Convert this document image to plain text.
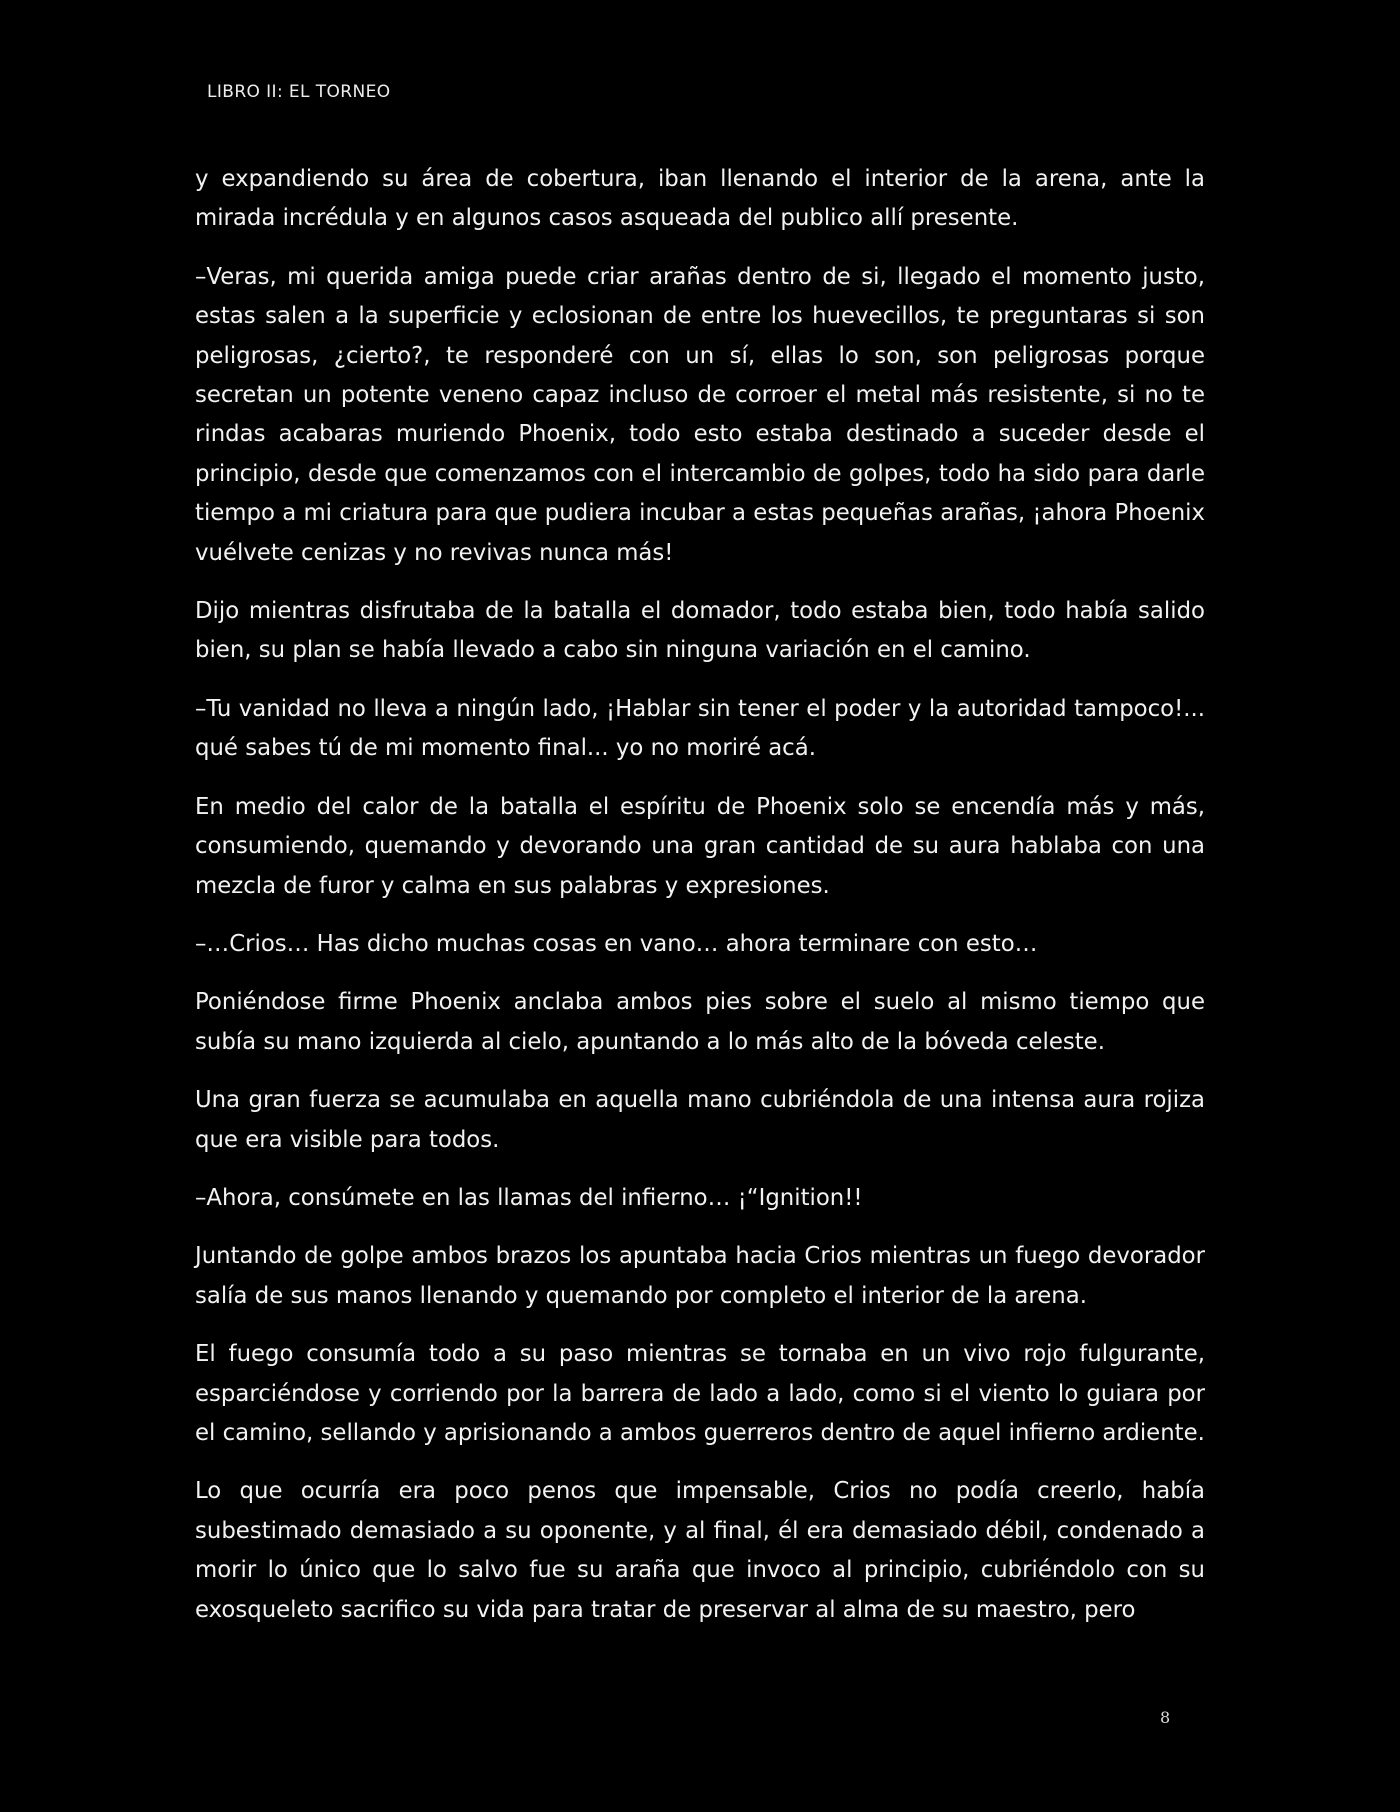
LIBRO II: EL TORNEO

y expandiendo su área de cobertura, iban llenando el interior de la arena, ante la mirada incrédula y en algunos casos asqueada del publico allí presente.

–Veras, mi querida amiga puede criar arañas dentro de si, llegado el momento justo, estas salen a la superficie y eclosionan de entre los huevecillos, te preguntaras si son peligrosas, ¿cierto?, te responderé con un sí, ellas lo son, son peligrosas porque secretan un potente veneno capaz incluso de corroer el metal más resistente, si no te rindas acabaras muriendo Phoenix, todo esto estaba destinado a suceder desde el principio, desde que comenzamos con el intercambio de golpes, todo ha sido para darle tiempo a mi criatura para que pudiera incubar a estas pequeñas arañas, ¡ahora Phoenix vuélvete cenizas y no revivas nunca más!

Dijo mientras disfrutaba de la batalla el domador, todo estaba bien, todo había salido bien, su plan se había llevado a cabo sin ninguna variación en el camino.

–Tu vanidad no lleva a ningún lado, ¡Hablar sin tener el poder y la autoridad tampoco!... qué sabes tú de mi momento final... yo no moriré acá.

En medio del calor de la batalla el espíritu de Phoenix solo se encendía más y más, consumiendo, quemando y devorando una gran cantidad de su aura hablaba con una mezcla de furor y calma en sus palabras y expresiones.

–…Crios… Has dicho muchas cosas en vano… ahora terminare con esto…

Poniéndose firme Phoenix anclaba ambos pies sobre el suelo al mismo tiempo que subía su mano izquierda al cielo, apuntando a lo más alto de la bóveda celeste.

Una gran fuerza se acumulaba en aquella mano cubriéndola de una intensa aura rojiza que era visible para todos.

–Ahora, consúmete en las llamas del infierno… ¡“Ignition!!

Juntando de golpe ambos brazos los apuntaba hacia Crios mientras un fuego devorador salía de sus manos llenando y quemando por completo el interior de la arena.

El fuego consumía todo a su paso mientras se tornaba en un vivo rojo fulgurante, esparciéndose y corriendo por la barrera de lado a lado, como si el viento lo guiara por el camino, sellando y aprisionando a ambos guerreros dentro de aquel infierno ardiente.

Lo que ocurría era poco penos que impensable, Crios no podía creerlo, había subestimado demasiado a su oponente, y al final, él era demasiado débil, condenado a morir lo único que lo salvo fue su araña que invoco al principio, cubriéndolo con su exosqueleto sacrifico su vida para tratar de preservar al alma de su maestro, pero

8
